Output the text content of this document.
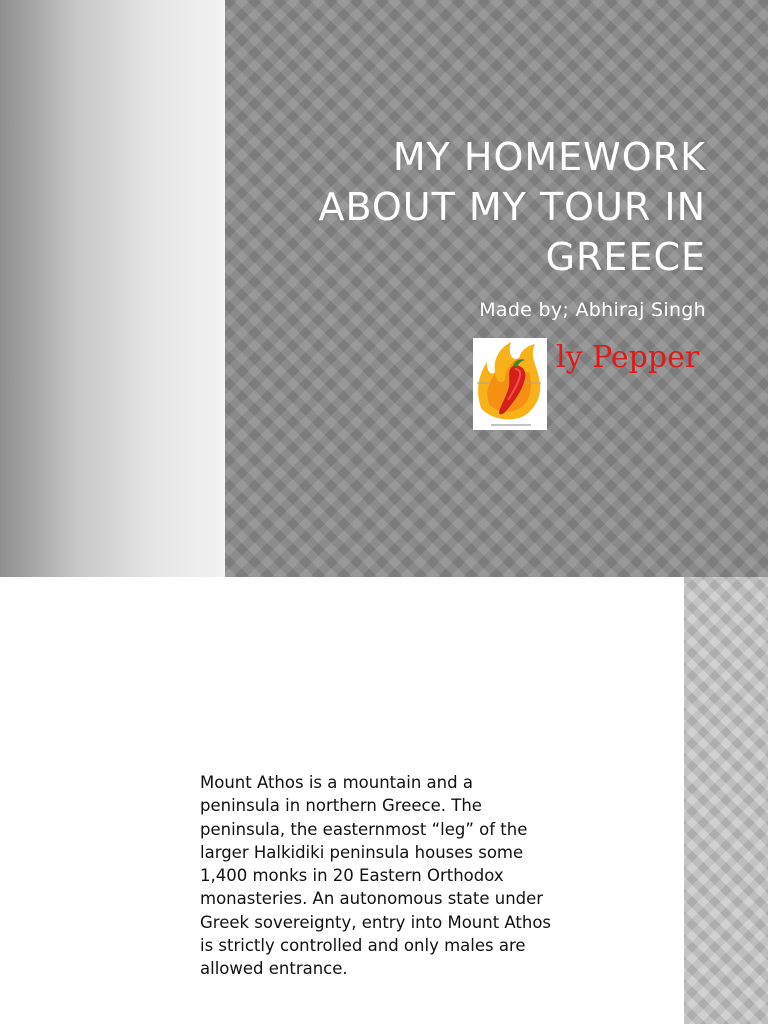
MY HOMEWORK
ABOUT MY TOUR IN
GREECE
Made by; Abhiraj Singh
ly Pepper
Mount Athos is a mountain and a
peninsula in northern Greece. The
peninsula, the easternmost “leg” of the
larger Halkidiki peninsula houses some
1,400 monks in 20 Eastern Orthodox
monasteries. An autonomous state under
Greek sovereignty, entry into Mount Athos
is strictly controlled and only males are
allowed entrance.
